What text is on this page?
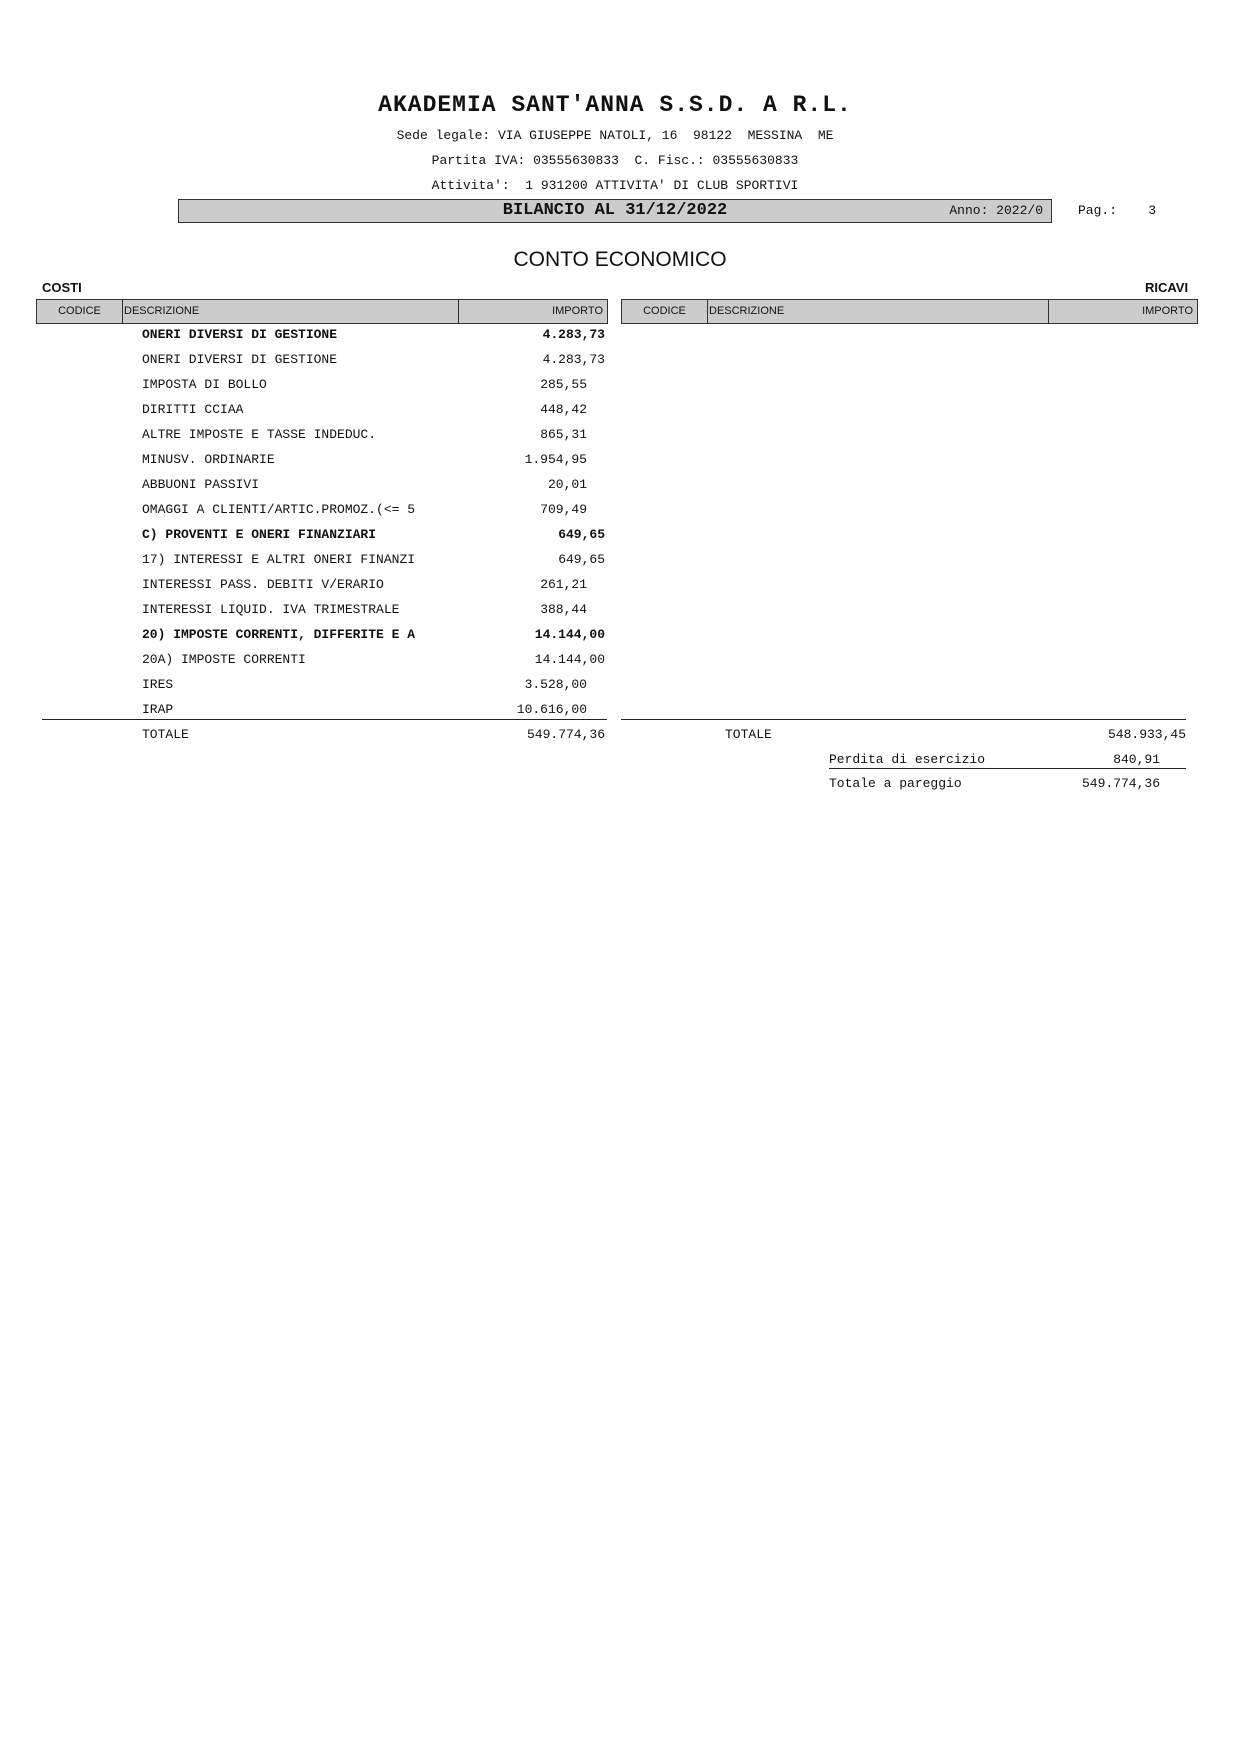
AKADEMIA SANT'ANNA S.S.D. A R.L.
Sede legale: VIA GIUSEPPE NATOLI, 16  98122  MESSINA  ME
Partita IVA: 03555630833  C. Fisc.: 03555630833
Attivita':  1 931200 ATTIVITA' DI CLUB SPORTIVI
BILANCIO AL 31/12/2022	Anno: 2022/0	Pag.:    3
CONTO ECONOMICO
COSTI	RICAVI
CODICE	DESCRIZIONE	IMPORTO	CODICE	DESCRIZIONE	IMPORTO
ONERI DIVERSI DI GESTIONE	4.283,73
ONERI DIVERSI DI GESTIONE	4.283,73
IMPOSTA DI BOLLO	285,55
DIRITTI CCIAA	448,42
ALTRE IMPOSTE E TASSE INDEDUC.	865,31
MINUSV. ORDINARIE	1.954,95
ABBUONI PASSIVI	20,01
OMAGGI A CLIENTI/ARTIC.PROMOZ.(<= 5	709,49
C) PROVENTI E ONERI FINANZIARI	649,65
17) INTERESSI E ALTRI ONERI FINANZI	649,65
INTERESSI PASS. DEBITI V/ERARIO	261,21
INTERESSI LIQUID. IVA TRIMESTRALE	388,44
20) IMPOSTE CORRENTI, DIFFERITE E A	14.144,00
20A) IMPOSTE CORRENTI	14.144,00
IRES	3.528,00
IRAP	10.616,00
TOTALE	549.774,36	TOTALE	548.933,45
Perdita di esercizio	840,91
Totale a pareggio	549.774,36
